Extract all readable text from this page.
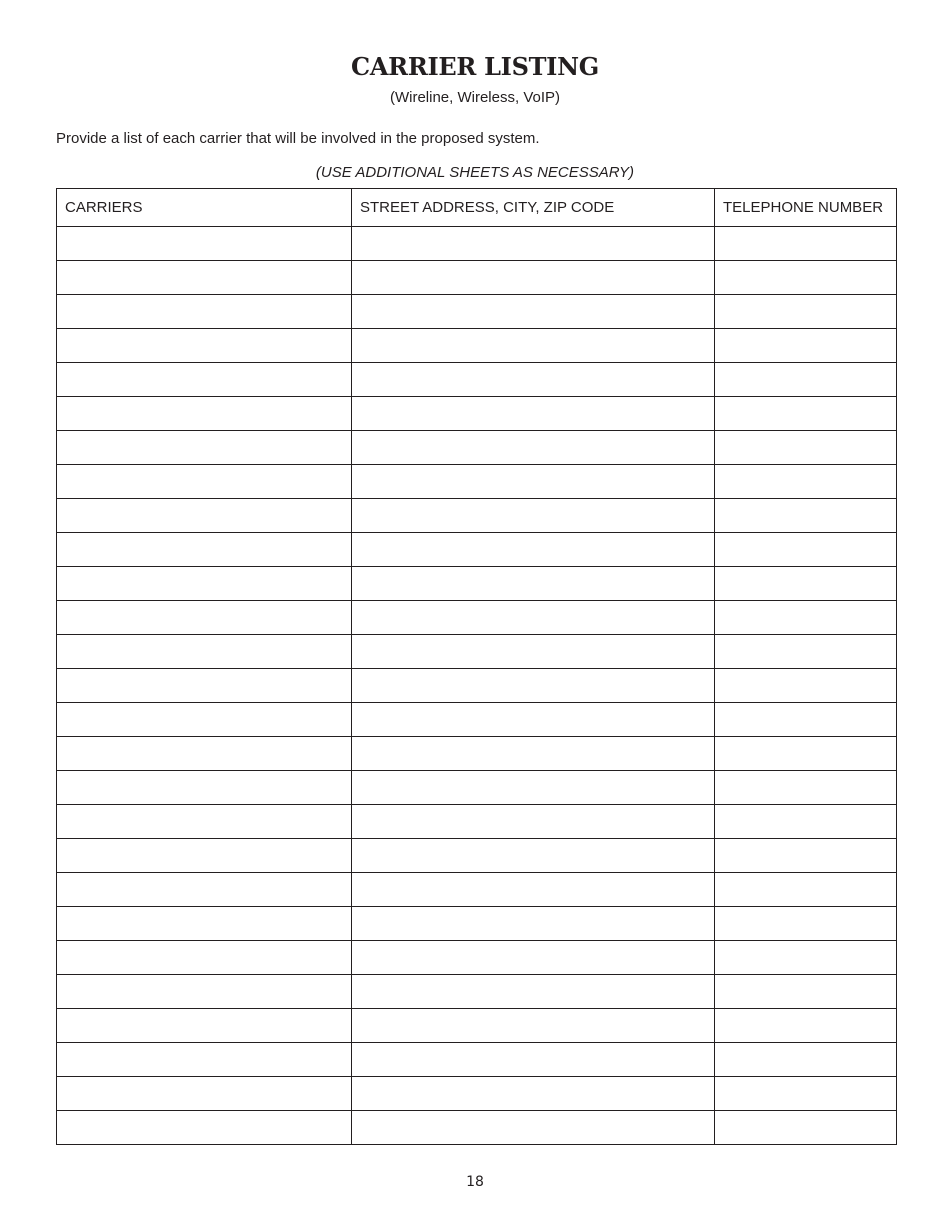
CARRIER LISTING
(Wireline, Wireless, VoIP)
Provide a list of each carrier that will be involved in the proposed system.
(USE ADDITIONAL SHEETS AS NECESSARY)
CARRIERS	STREET ADDRESS, CITY, ZIP CODE	TELEPHONE NUMBER

18
